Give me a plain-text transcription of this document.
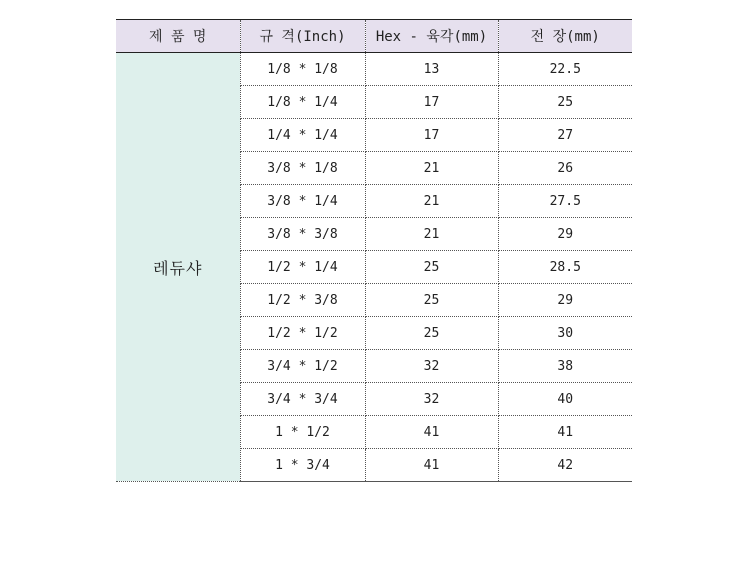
제 품 명	규 격(Inch)	Hex - 육각(mm)	전 장(mm)
레듀샤	1/8 * 1/8	13	22.5
	1/8 * 1/4	17	25
	1/4 * 1/4	17	27
	3/8 * 1/8	21	26
	3/8 * 1/4	21	27.5
	3/8 * 3/8	21	29
	1/2 * 1/4	25	28.5
	1/2 * 3/8	25	29
	1/2 * 1/2	25	30
	3/4 * 1/2	32	38
	3/4 * 3/4	32	40
	1 * 1/2	41	41
	1 * 3/4	41	42
